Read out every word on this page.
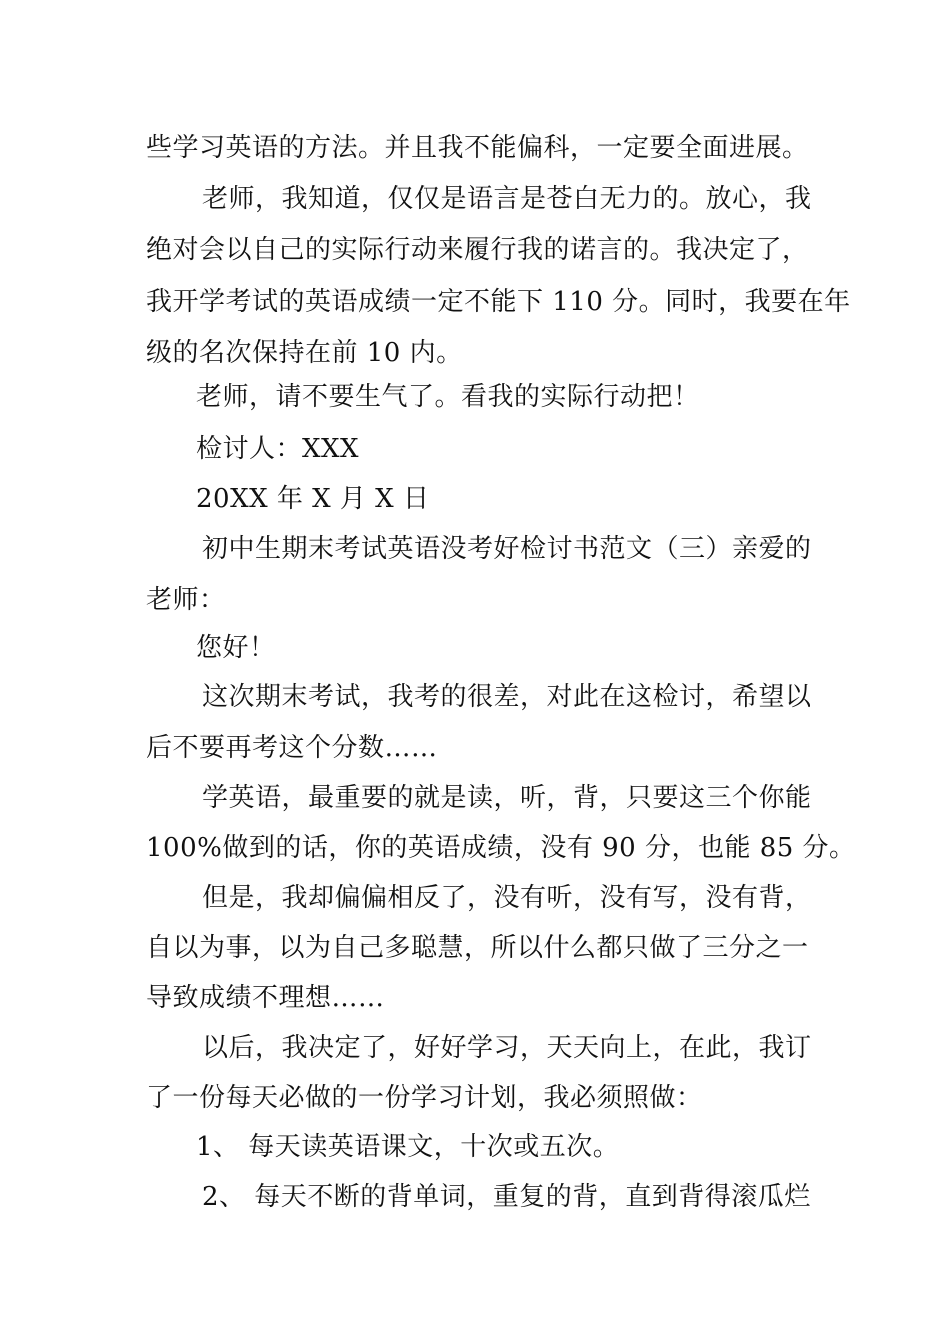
些学习英语的方法。并且我不能偏科，一定要全面进展。
老师，我知道，仅仅是语言是苍白无力的。放心，我
绝对会以自己的实际行动来履行我的诺言的。我决定了，
我开学考试的英语成绩一定不能下 110 分。同时，我要在年
级的名次保持在前 10 内。
老师，请不要生气了。看我的实际行动把！
检讨人：XXX
20XX 年 X 月 X 日
初中生期末考试英语没考好检讨书范文（三）亲爱的
老师：
您好！
这次期末考试，我考的很差，对此在这检讨，希望以
后不要再考这个分数……
学英语，最重要的就是读，听，背，只要这三个你能
100%做到的话，你的英语成绩，没有 90 分，也能 85 分。
但是，我却偏偏相反了，没有听，没有写，没有背，
自以为事，以为自己多聪慧，所以什么都只做了三分之一
导致成绩不理想……
以后，我决定了，好好学习，天天向上，在此，我订
了一份每天必做的一份学习计划，我必须照做：
1、 每天读英语课文，十次或五次。
2、 每天不断的背单词，重复的背，直到背得滚瓜烂
